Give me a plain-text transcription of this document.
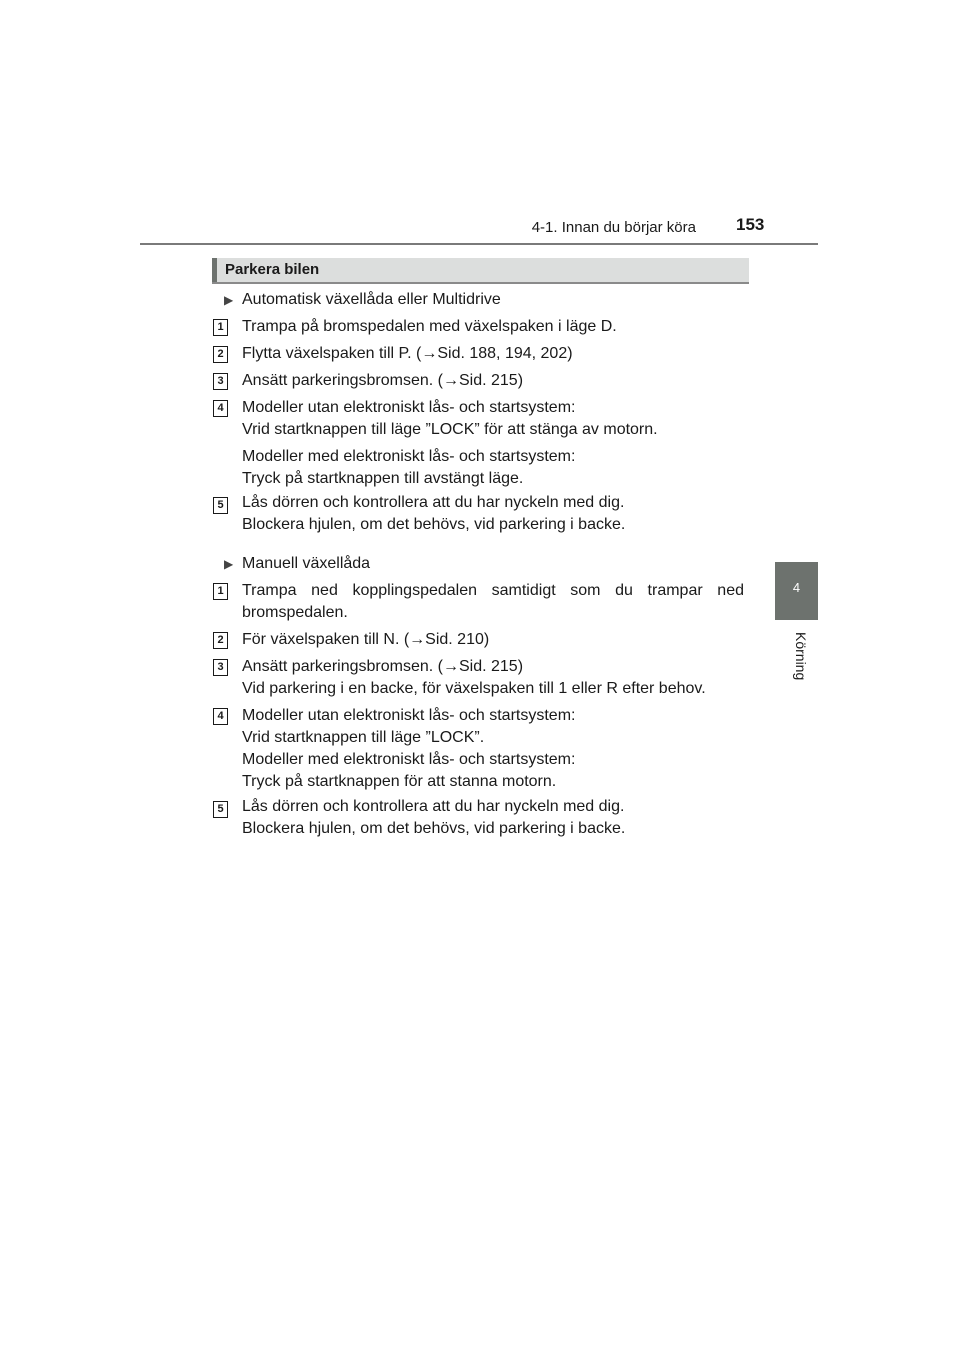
4-1. Innan du börjar köra 153
4
Körning
Parkera bilen
▶ Automatisk växellåda eller Multidrive
1 Trampa på bromspedalen med växelspaken i läge D.
2 Flytta växelspaken till P. (→Sid. 188, 194, 202)
3 Ansätt parkeringsbromsen. (→Sid. 215)
4 Modeller utan elektroniskt lås- och startsystem:
Vrid startknappen till läge ”LOCK” för att stänga av motorn.
Modeller med elektroniskt lås- och startsystem:
Tryck på startknappen till avstängt läge.
5 Lås dörren och kontrollera att du har nyckeln med dig.
Blockera hjulen, om det behövs, vid parkering i backe.
▶ Manuell växellåda
1 Trampa ned kopplingspedalen samtidigt som du trampar ned
bromspedalen.
2 För växelspaken till N. (→Sid. 210)
3 Ansätt parkeringsbromsen. (→Sid. 215)
Vid parkering i en backe, för växelspaken till 1 eller R efter behov.
4 Modeller utan elektroniskt lås- och startsystem:
Vrid startknappen till läge ”LOCK”.
Modeller med elektroniskt lås- och startsystem:
Tryck på startknappen för att stanna motorn.
5 Lås dörren och kontrollera att du har nyckeln med dig.
Blockera hjulen, om det behövs, vid parkering i backe.
